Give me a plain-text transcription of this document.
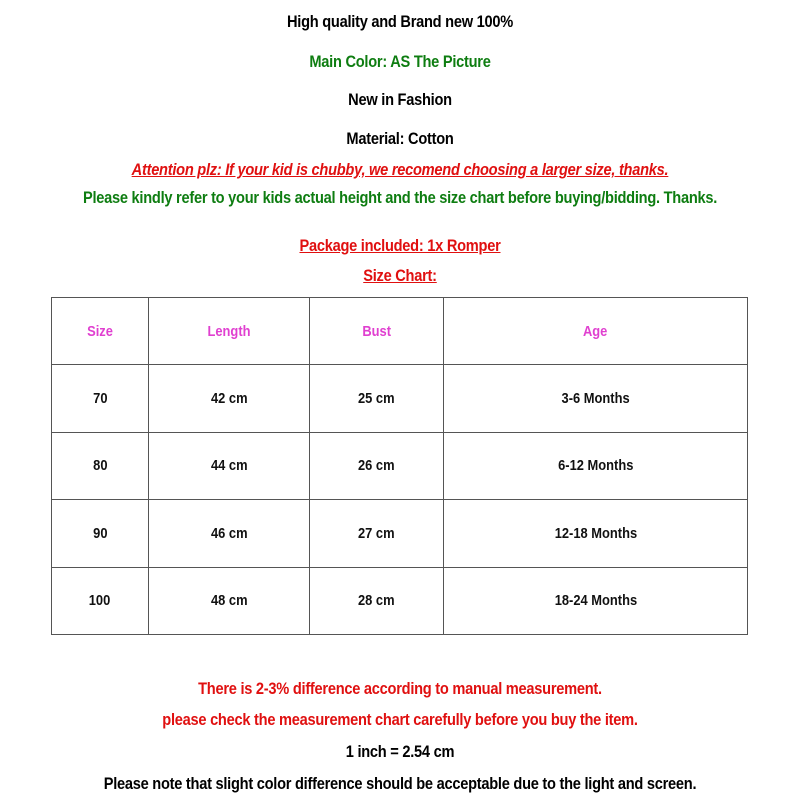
High quality and Brand new 100%
Main Color: AS The Picture
New in Fashion
Material: Cotton
Attention plz: If your kid is chubby, we recomend choosing a larger size, thanks.
Please kindly refer to your kids actual height and the size chart before buying/bidding. Thanks.
Package included: 1x Romper
Size Chart:
Size	Length	Bust	Age
70	42 cm	25 cm	3-6 Months
80	44 cm	26 cm	6-12 Months
90	46 cm	27 cm	12-18 Months
100	48 cm	28 cm	18-24 Months
There is 2-3% difference according to manual measurement.
please check the measurement chart carefully before you buy the item.
1 inch = 2.54 cm
Please note that slight color difference should be acceptable due to the light and screen.
